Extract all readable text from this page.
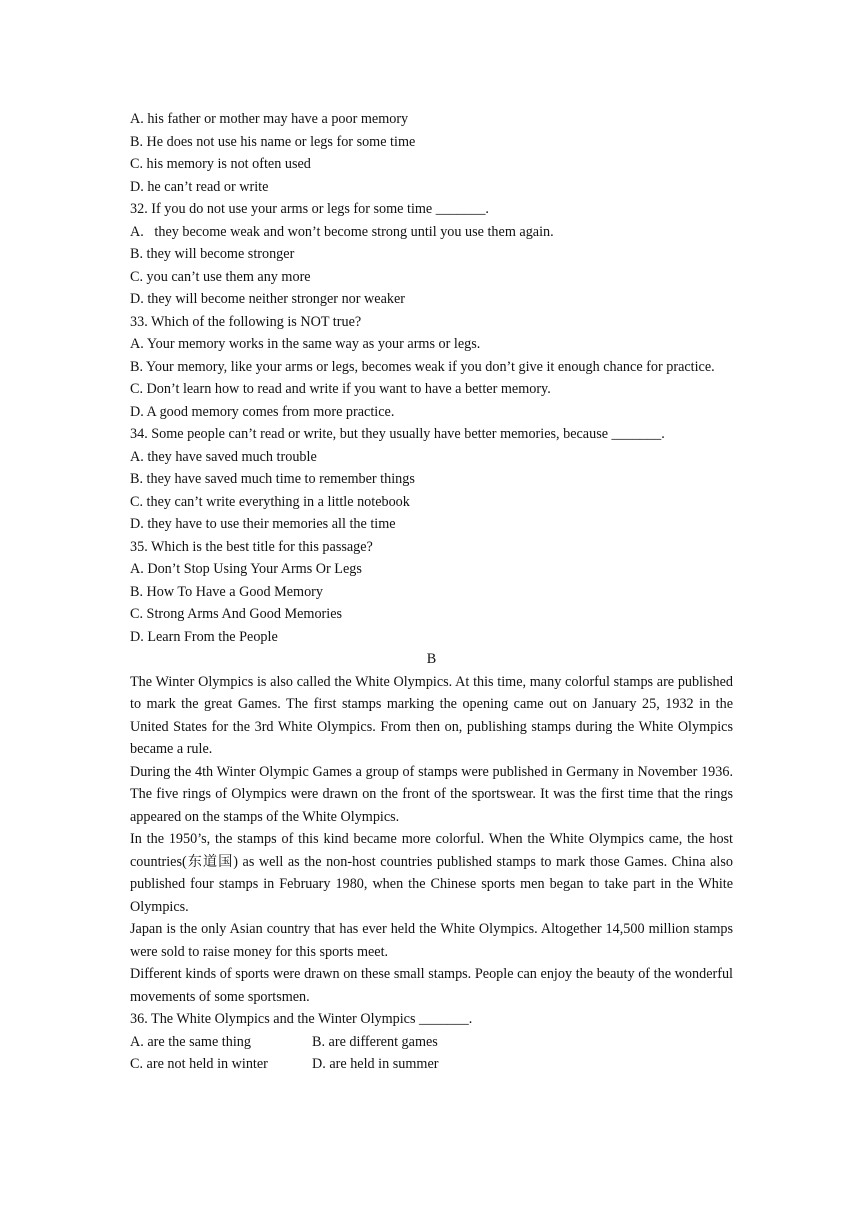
A. his father or mother may have a poor memory

B. He does not use his name or legs for some time

C. his memory is not often used

D. he can’t read or write

32. If you do not use your arms or legs for some time _______.

A.   they become weak and won’t become strong until you use them again.

B. they will become stronger

C. you can’t use them any more

D. they will become neither stronger nor weaker

33. Which of the following is NOT true?

A. Your memory works in the same way as your arms or legs.

B. Your memory, like your arms or legs, becomes weak if you don’t give it enough chance for practice.

C. Don’t learn how to read and write if you want to have a better memory.

D. A good memory comes from more practice.

34. Some people can’t read or write, but they usually have better memories, because _______.

A. they have saved much trouble

B. they have saved much time to remember things

C. they can’t write everything in a little notebook

D. they have to use their memories all the time

35. Which is the best title for this passage?

A. Don’t Stop Using Your Arms Or Legs

B. How To Have a Good Memory

C. Strong Arms And Good Memories

D. Learn From the People

B

The Winter Olympics is also called the White Olympics. At this time, many colorful stamps are published to mark the great Games. The first stamps marking the opening came out on January 25, 1932 in the United States for the 3rd White Olympics. From then on, publishing stamps during the White Olympics became a rule.

During the 4th Winter Olympic Games a group of stamps were published in Germany in November 1936. The five rings of Olympics were drawn on the front of the sportswear. It was the first time that the rings appeared on the stamps of the White Olympics.

In the 1950’s, the stamps of this kind became more colorful. When the White Olympics came, the host countries(东道国) as well as the non-host countries published stamps to mark those Games. China also published four stamps in February 1980, when the Chinese sports men began to take part in the White Olympics.

Japan is the only Asian country that has ever held the White Olympics. Altogether 14,500 million stamps were sold to raise money for this sports meet.

Different kinds of sports were drawn on these small stamps. People can enjoy the beauty of the wonderful movements of some sportsmen.

36. The White Olympics and the Winter Olympics _______.

A. are the same thing	B. are different games
C. are not held in winter	D. are held in summer
